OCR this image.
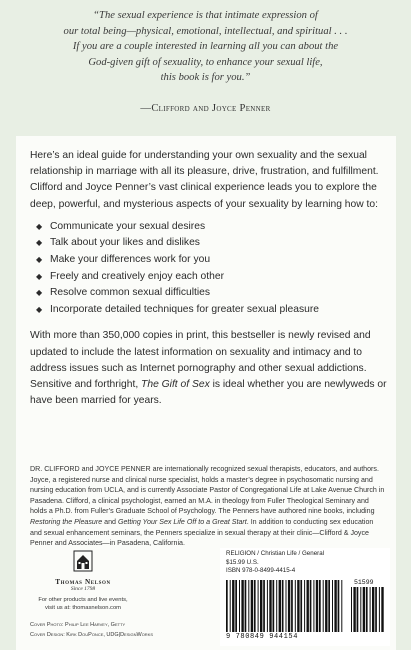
“The sexual experience is that intimate expression of

our total being—physical, emotional, intellectual, and spiritual . . .

If you are a couple interested in learning all you can about the

God-given gift of sexuality, to enhance your sexual life,

this book is for you.”

—Clifford and Joyce Penner

Here’s an ideal guide for understanding your own sexuality and the sexual relationship in marriage with all its pleasure, drive, frustration, and fulfillment. Clifford and Joyce Penner’s vast clinical experience leads you to explore the deep, powerful, and mysterious aspects of your sexuality by learning how to:

◆ Communicate your sexual desires
◆ Talk about your likes and dislikes
◆ Make your differences work for you
◆ Freely and creatively enjoy each other
◆ Resolve common sexual difficulties
◆ Incorporate detailed techniques for greater sexual pleasure

With more than 350,000 copies in print, this bestseller is newly revised and updated to include the latest information on sexuality and intimacy and to address issues such as Internet pornography and other sexual addictions. Sensitive and forthright, The Gift of Sex is ideal whether you are newlyweds or have been married for years.

DR. CLIFFORD and JOYCE PENNER are internationally recognized sexual therapists, educators, and authors. Joyce, a registered nurse and clinical nurse specialist, holds a master’s degree in psychosomatic nursing and nursing education from UCLA, and is currently Associate Pastor of Congregational Life at Lake Avenue Church in Pasadena. Clifford, a clinical psychologist, earned an M.A. in theology from Fuller Theological Seminary and holds a Ph.D. from Fuller’s Graduate School of Psychology. The Penners have authored nine books, including Restoring the Pleasure and Getting Your Sex Life Off to a Great Start. In addition to conducting sex education and sexual enhancement seminars, the Penners specialize in sexual therapy at their clinic—Clifford & Joyce Penner and Associates—in Pasadena, California.
Thomas Nelson
Since 1798
For other products and live events,
visit us at: thomasnelson.com
Cover Photo: Philip Lee Harvey, Getty
Cover Design: Kirk DouPonce, UDG|DesignWorks
RELIGION / Christian Life / General
$15.99 U.S.
ISBN 978-0-8499-4415-4
51599
9 780849 944154
